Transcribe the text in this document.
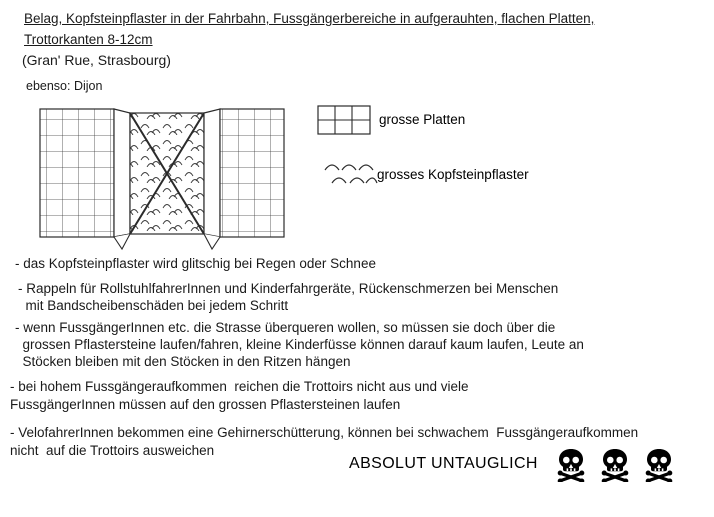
Belag, Kopfsteinpflaster in der Fahrbahn, Fussgängerbereiche in aufgerauhten, flachen Platten,
Trottorkanten 8-12cm
(Gran' Rue, Strasbourg)
ebenso: Dijon
grosse Platten
grosses Kopfsteinpflaster
- das Kopfsteinpflaster wird glitschig bei Regen oder Schnee
- Rappeln für RollstuhlfahrerInnen und Kinderfahrgeräte, Rückenschmerzen bei Menschen
mit Bandscheibenschäden bei jedem Schritt
- wenn FussgängerInnen etc. die Strasse überqueren wollen, so müssen sie doch über die
grossen Pflastersteine laufen/fahren, kleine Kinderfüsse können darauf kaum laufen, Leute an
Stöcken bleiben mit den Stöcken in den Ritzen hängen
- bei hohem Fussgängeraufkommen  reichen die Trottoirs nicht aus und viele
FussgängerInnen müssen auf den grossen Pflastersteinen laufen
- VelofahrerInnen bekommen eine Gehirnerschütterung, können bei schwachem  Fussgängeraufkommen
nicht  auf die Trottoirs ausweichen
ABSOLUT UNTAUGLICH
